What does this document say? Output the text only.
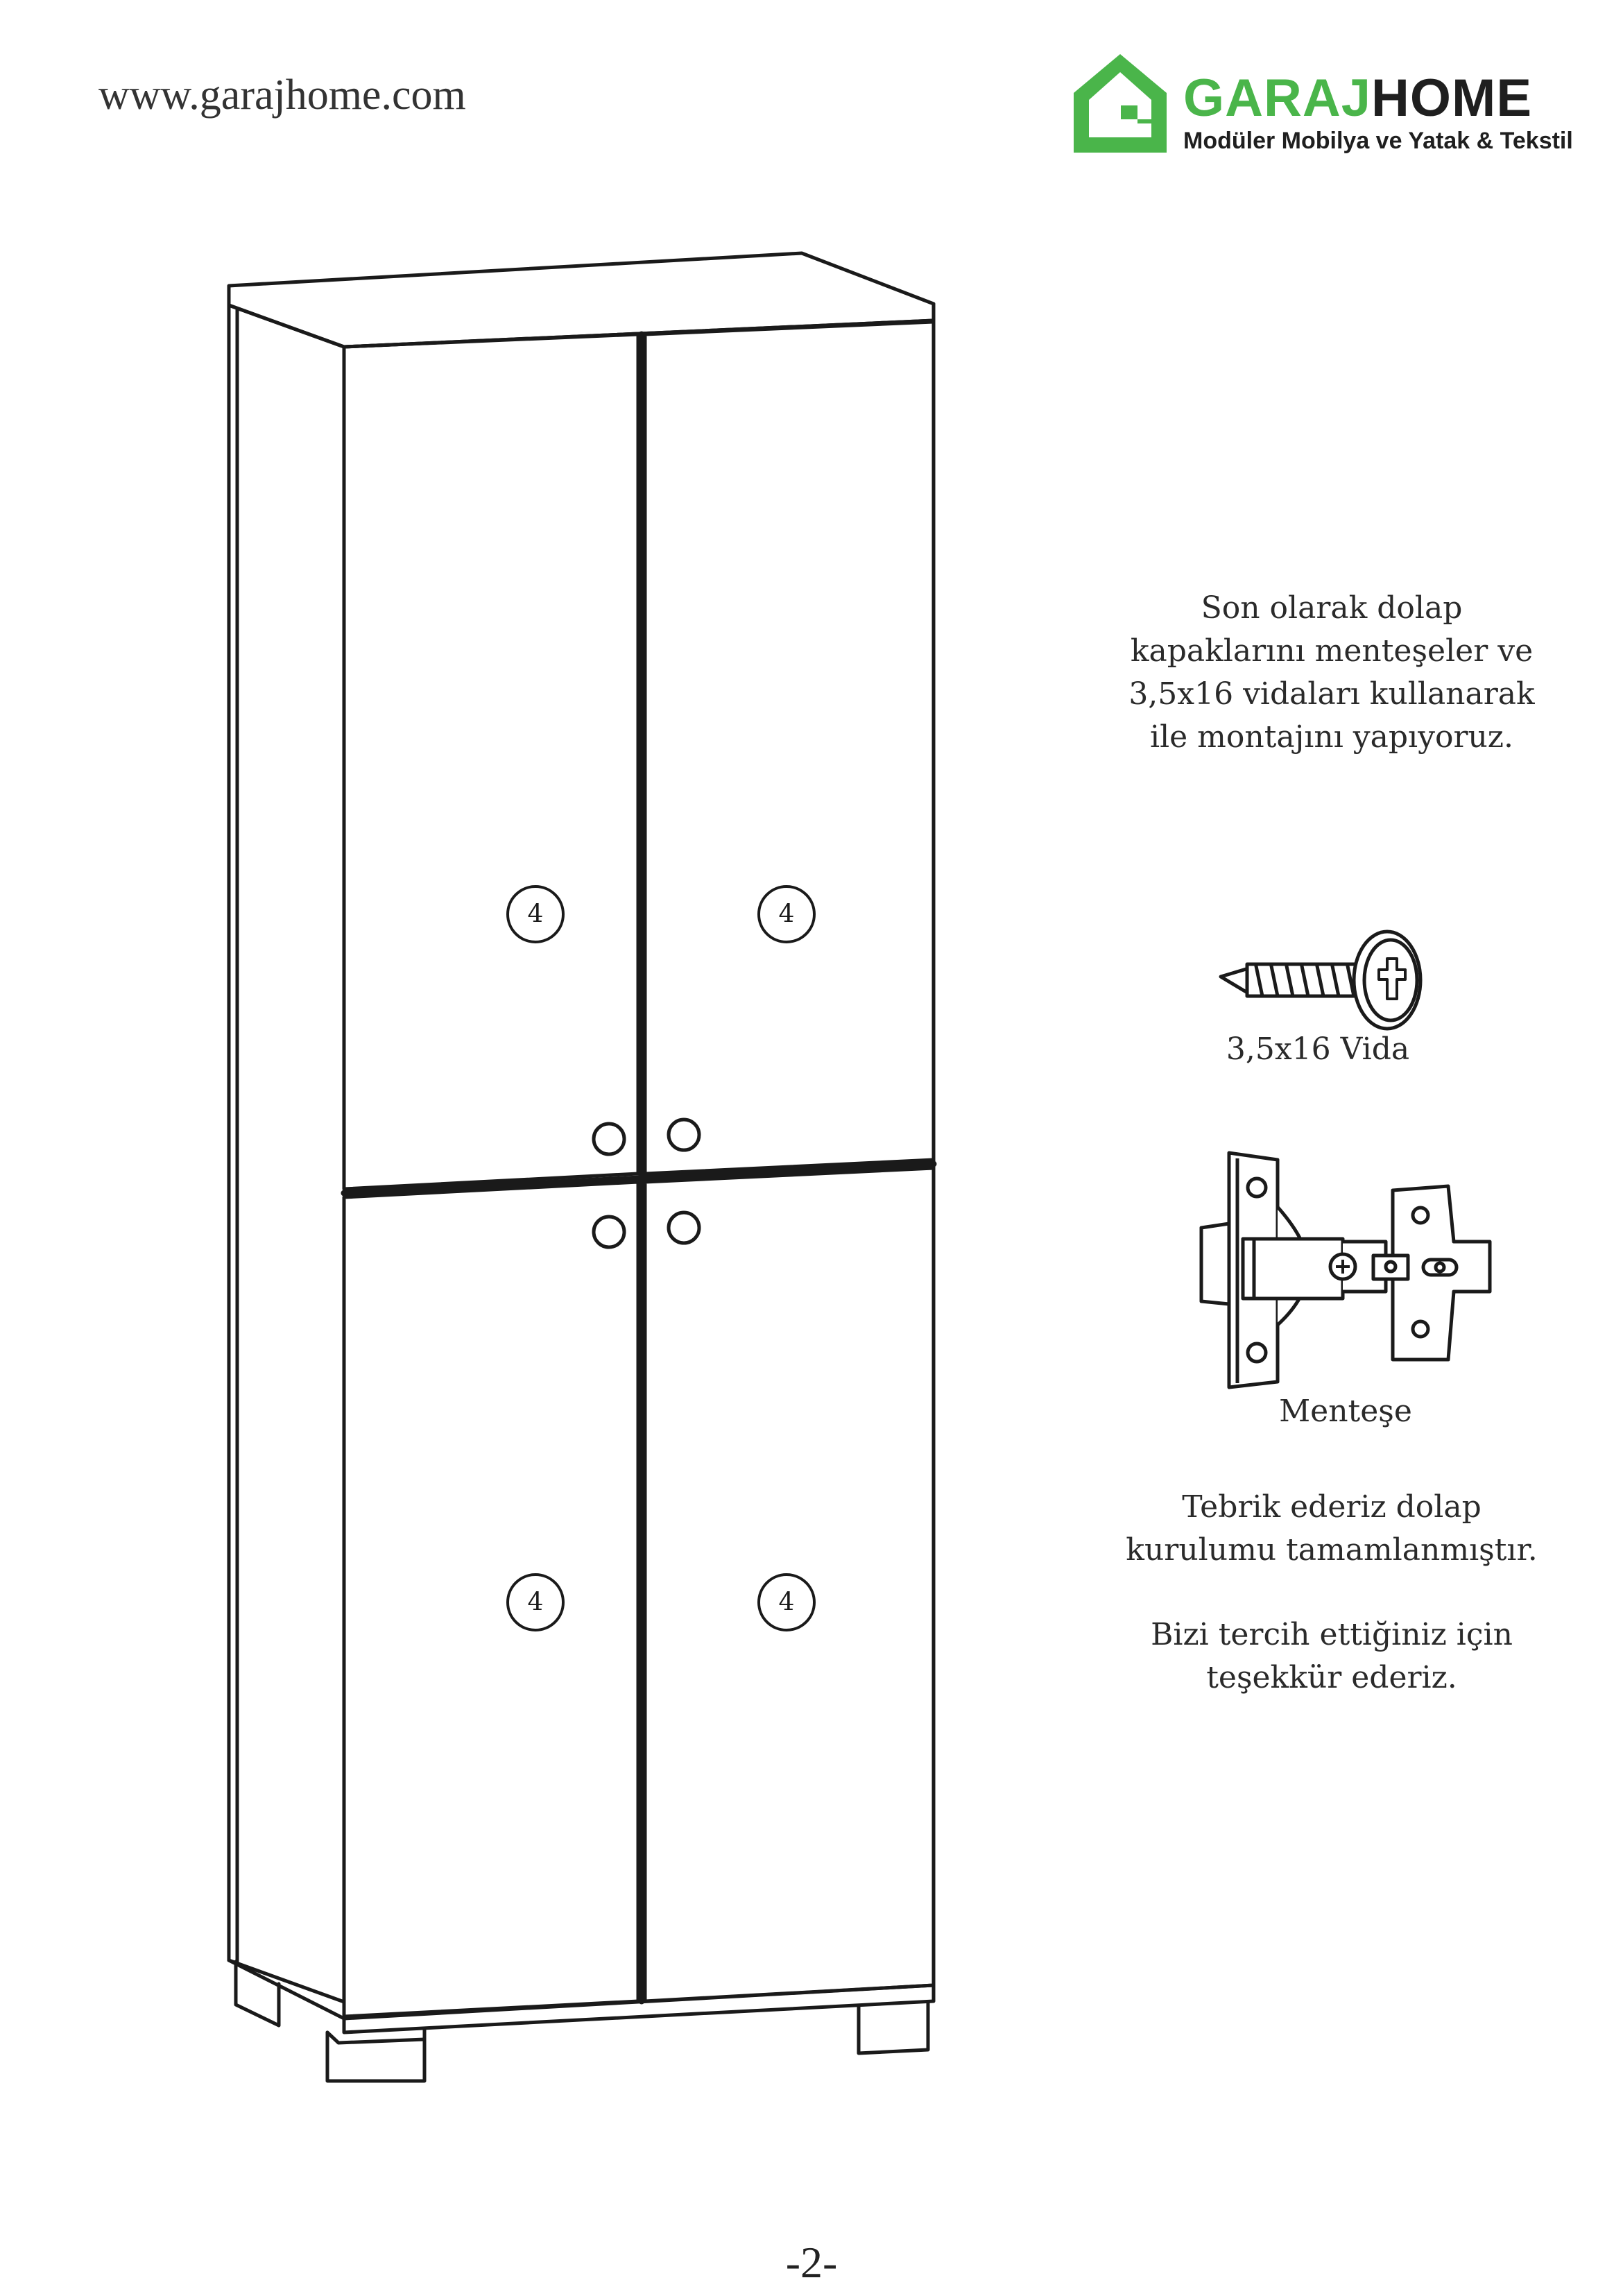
www.garajhome.com	GARAJHOME
Modüler Mobilya ve Yatak & Tekstil
4	4
4	4

Son olarak dolap

kapaklarını menteşeler ve

3,5x16 vidaları kullanarak

ile montajını yapıyoruz.

3,5x16 Vida
Menteşe

Tebrik ederiz dolap

kurulumu tamamlanmıştır.

Bizi tercih ettiğiniz için

teşekkür ederiz.

-2-
